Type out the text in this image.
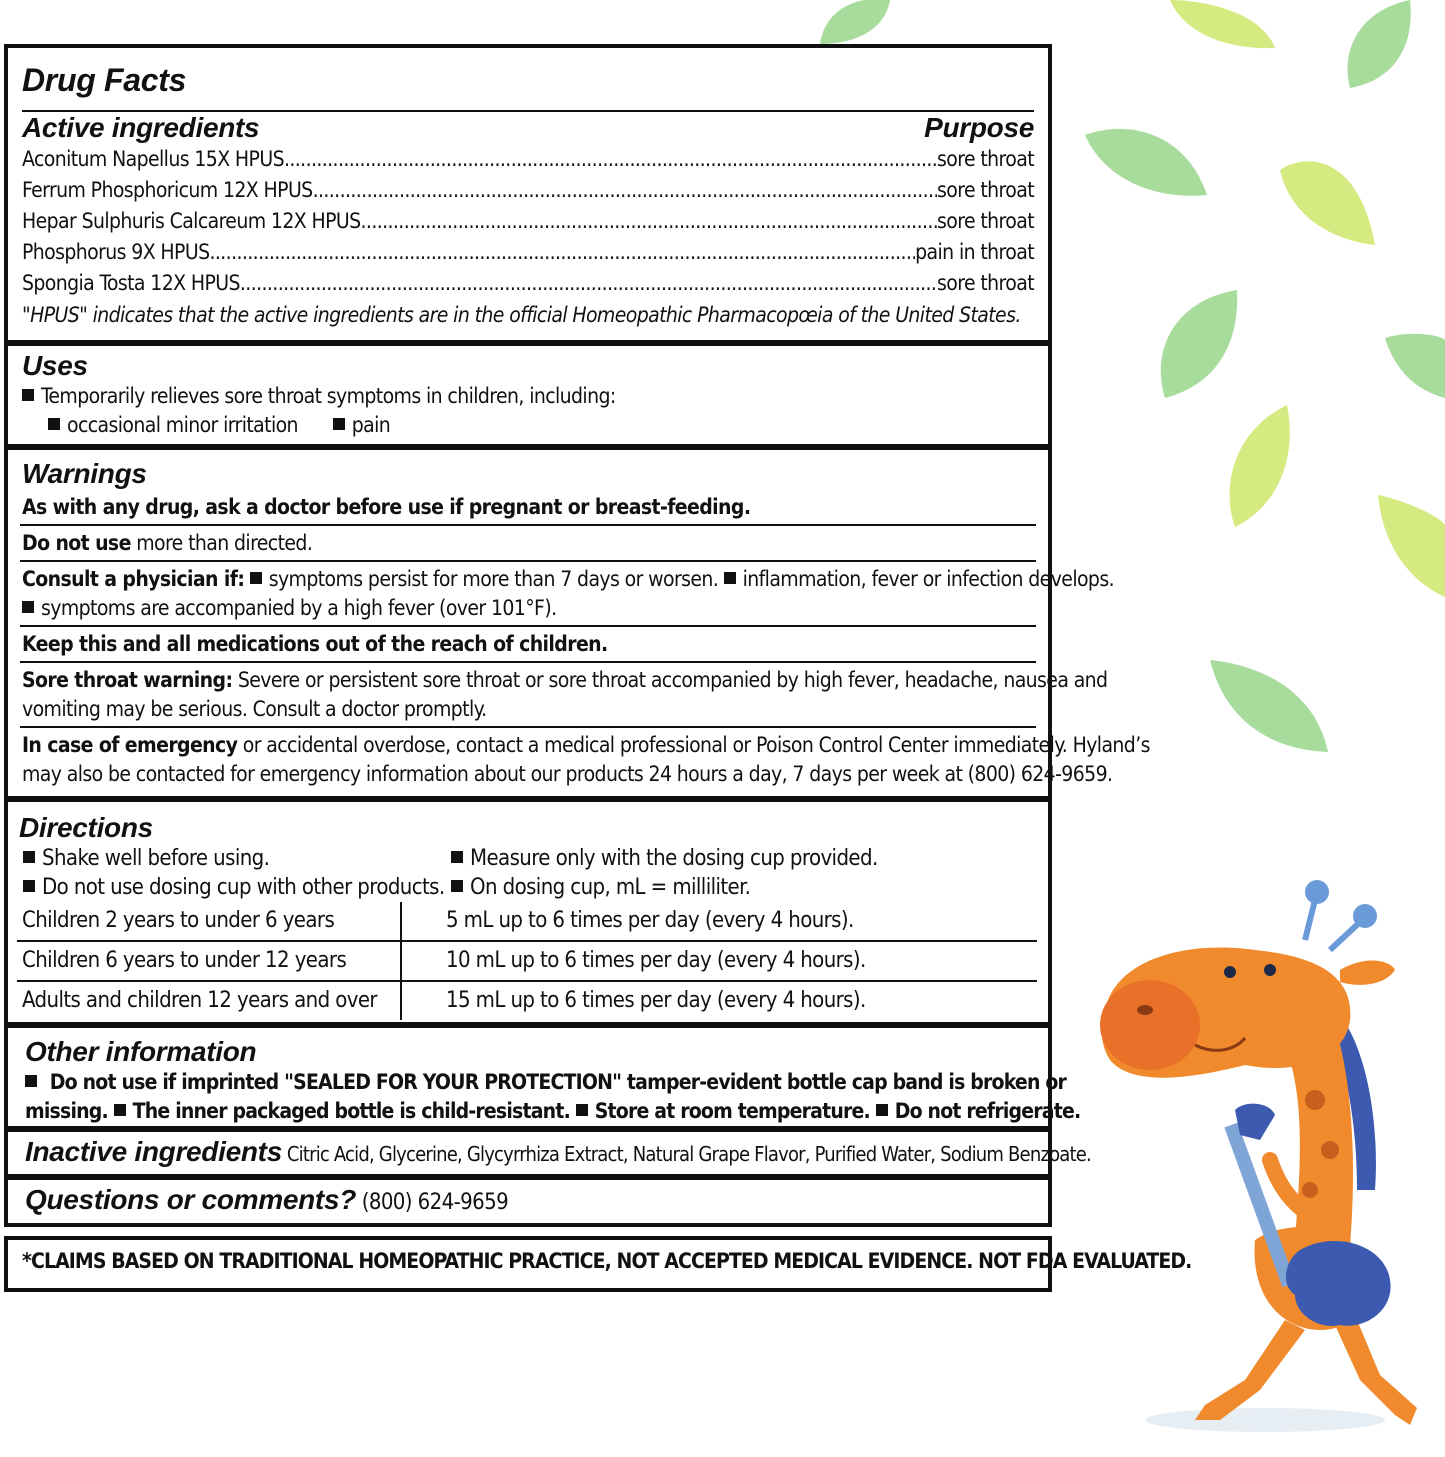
Drug Facts
Active ingredients	Purpose
Aconitum Napellus 15X HPUS .....	sore throat
Ferrum Phosphoricum 12X HPUS .....	sore throat
Hepar Sulphuris Calcareum 12X HPUS .....	sore throat
Phosphorus 9X HPUS .....	pain in throat
Spongia Tosta 12X HPUS .....	sore throat
"HPUS" indicates that the active ingredients are in the official Homeopathic Pharmacopœia of the United States.
Uses
Temporarily relieves sore throat symptoms in children, including:
occasional minor irritation	pain
Warnings
As with any drug, ask a doctor before use if pregnant or breast-feeding.
Do not use more than directed.
Consult a physician if: symptoms persist for more than 7 days or worsen. inflammation, fever or infection develops.
symptoms are accompanied by a high fever (over 101°F).
Keep this and all medications out of the reach of children.
Sore throat warning: Severe or persistent sore throat or sore throat accompanied by high fever, headache, nausea and
vomiting may be serious. Consult a doctor promptly.
In case of emergency or accidental overdose, contact a medical professional or Poison Control Center immediately. Hyland’s
may also be contacted for emergency information about our products 24 hours a day, 7 days per week at (800) 624-9659.
Directions
Shake well before using.
Do not use dosing cup with other products.
Measure only with the dosing cup provided.
On dosing cup, mL = milliliter.
Children 2 years to under 6 years	5 mL up to 6 times per day (every 4 hours).
Children 6 years to under 12 years	10 mL up to 6 times per day (every 4 hours).
Adults and children 12 years and over	15 mL up to 6 times per day (every 4 hours).
Other information
Do not use if imprinted "SEALED FOR YOUR PROTECTION" tamper-evident bottle cap band is broken or
missing. The inner packaged bottle is child-resistant. Store at room temperature. Do not refrigerate.
Inactive ingredients Citric Acid, Glycerine, Glycyrrhiza Extract, Natural Grape Flavor, Purified Water, Sodium Benzoate.
Questions or comments? (800) 624-9659
*CLAIMS BASED ON TRADITIONAL HOMEOPATHIC PRACTICE, NOT ACCEPTED MEDICAL EVIDENCE. NOT FDA EVALUATED.
